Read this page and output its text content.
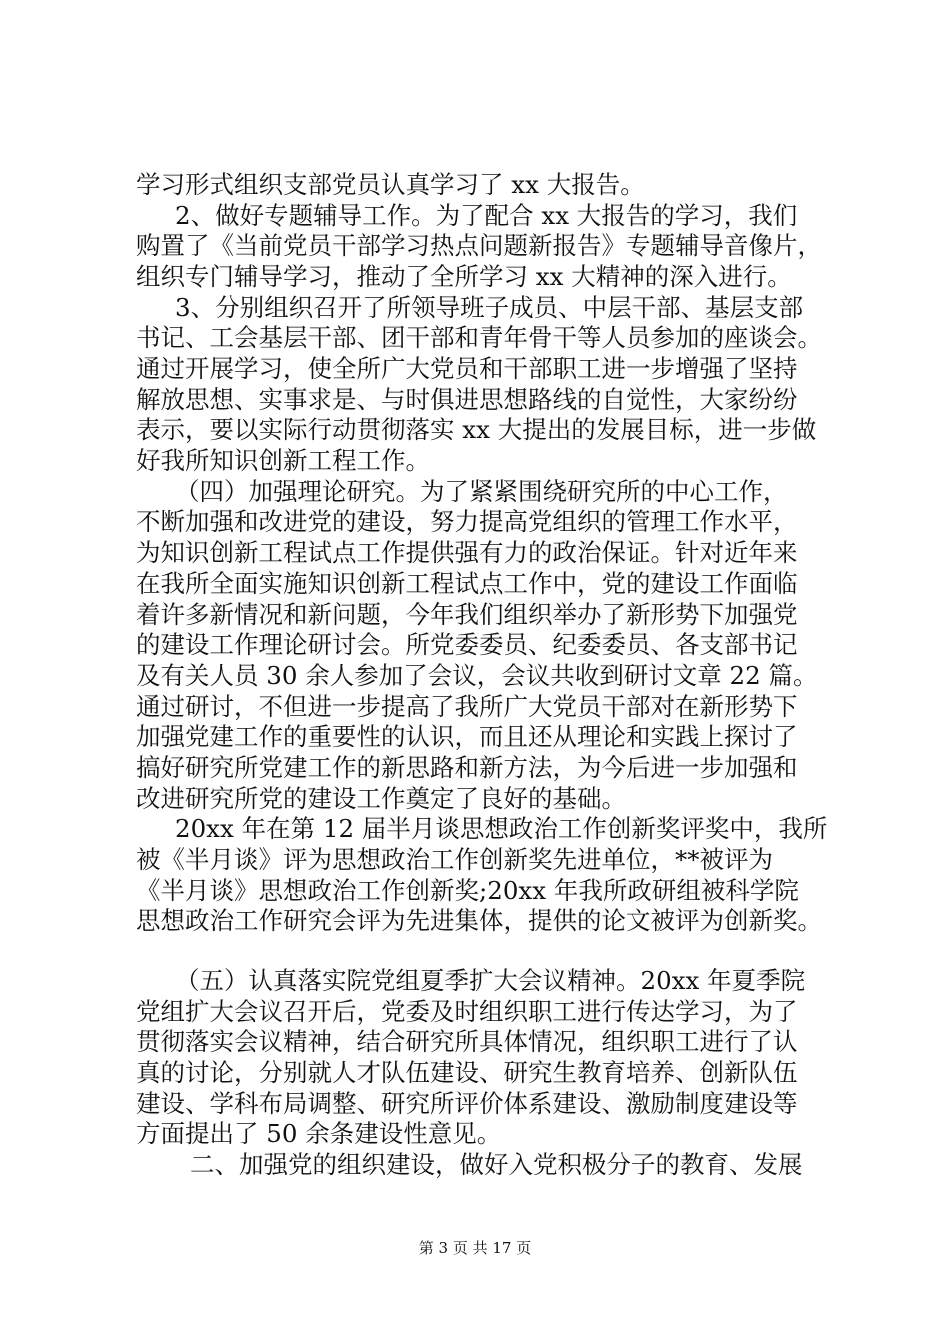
学习形式组织支部党员认真学习了 xx 大报告。
2、做好专题辅导工作。为了配合 xx 大报告的学习，我们
购置了《当前党员干部学习热点问题新报告》专题辅导音像片，
组织专门辅导学习，推动了全所学习 xx 大精神的深入进行。
3、分别组织召开了所领导班子成员、中层干部、基层支部
书记、工会基层干部、团干部和青年骨干等人员参加的座谈会。
通过开展学习，使全所广大党员和干部职工进一步增强了坚持
解放思想、实事求是、与时俱进思想路线的自觉性，大家纷纷
表示，要以实际行动贯彻落实 xx 大提出的发展目标，进一步做
好我所知识创新工程工作。
（四）加强理论研究。为了紧紧围绕研究所的中心工作，
不断加强和改进党的建设，努力提高党组织的管理工作水平，
为知识创新工程试点工作提供强有力的政治保证。针对近年来
在我所全面实施知识创新工程试点工作中，党的建设工作面临
着许多新情况和新问题，今年我们组织举办了新形势下加强党
的建设工作理论研讨会。所党委委员、纪委委员、各支部书记
及有关人员 30 余人参加了会议，会议共收到研讨文章 22 篇。
通过研讨，不但进一步提高了我所广大党员干部对在新形势下
加强党建工作的重要性的认识，而且还从理论和实践上探讨了
搞好研究所党建工作的新思路和新方法，为今后进一步加强和
改进研究所党的建设工作奠定了良好的基础。
20xx 年在第 12 届半月谈思想政治工作创新奖评奖中，我所
被《半月谈》评为思想政治工作创新奖先进单位，**被评为
《半月谈》思想政治工作创新奖;20xx 年我所政研组被科学院
思想政治工作研究会评为先进集体，提供的论文被评为创新奖。
（五）认真落实院党组夏季扩大会议精神。20xx 年夏季院
党组扩大会议召开后，党委及时组织职工进行传达学习，为了
贯彻落实会议精神，结合研究所具体情况，组织职工进行了认
真的讨论，分别就人才队伍建设、研究生教育培养、创新队伍
建设、学科布局调整、研究所评价体系建设、激励制度建设等
方面提出了 50 余条建设性意见。
二、加强党的组织建设，做好入党积极分子的教育、发展
第 3 页 共 17 页
